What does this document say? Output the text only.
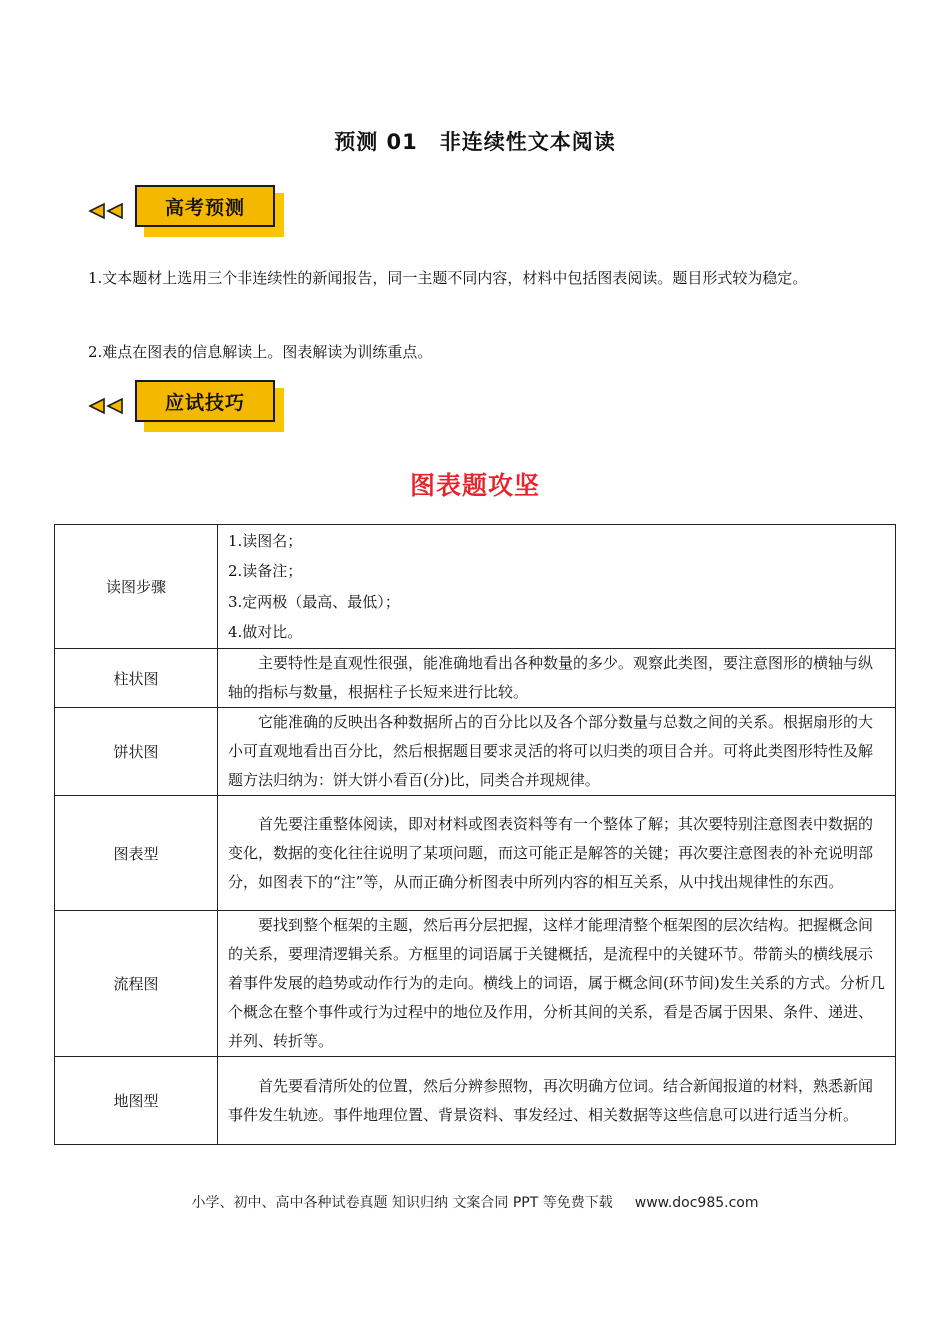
预测 01 非连续性文本阅读
高考预测
1.文本题材上选用三个非连续性的新闻报告，同一主题不同内容，材料中包括图表阅读。题目形式较为稳定。
2.难点在图表的信息解读上。图表解读为训练重点。
应试技巧
图表题攻坚
读图步骤	1.读图名；
2.读备注；
3.定两极（最高、最低）；
4.做对比。

柱状图	主要特性是直观性很强，能准确地看出各种数量的多少。观察此类图，要注意图形的横轴与纵轴的指标与数量，根据柱子长短来进行比较。
饼状图	它能准确的反映出各种数据所占的百分比以及各个部分数量与总数之间的关系。根据扇形的大小可直观地看出百分比，然后根据题目要求灵活的将可以归类的项目合并。可将此类图形特性及解题方法归纳为：饼大饼小看百(分)比，同类合并现规律。
图表型	首先要注重整体阅读，即对材料或图表资料等有一个整体了解；其次要特别注意图表中数据的变化，数据的变化往往说明了某项问题，而这可能正是解答的关键；再次要注意图表的补充说明部分，如图表下的“注”等，从而正确分析图表中所列内容的相互关系，从中找出规律性的东西。
流程图	要找到整个框架的主题，然后再分层把握，这样才能理清整个框架图的层次结构。把握概念间的关系，要理清逻辑关系。方框里的词语属于关键概括，是流程中的关键环节。带箭头的横线展示着事件发展的趋势或动作行为的走向。横线上的词语，属于概念间(环节间)发生关系的方式。分析几个概念在整个事件或行为过程中的地位及作用，分析其间的关系，看是否属于因果、条件、递进、并列、转折等。
地图型	首先要看清所处的位置，然后分辨参照物，再次明确方位词。结合新闻报道的材料，熟悉新闻事件发生轨迹。事件地理位置、背景资料、事发经过、相关数据等这些信息可以进行适当分析。
小学、初中、高中各种试卷真题 知识归纳 文案合同 PPT 等免费下载 www.doc985.com
